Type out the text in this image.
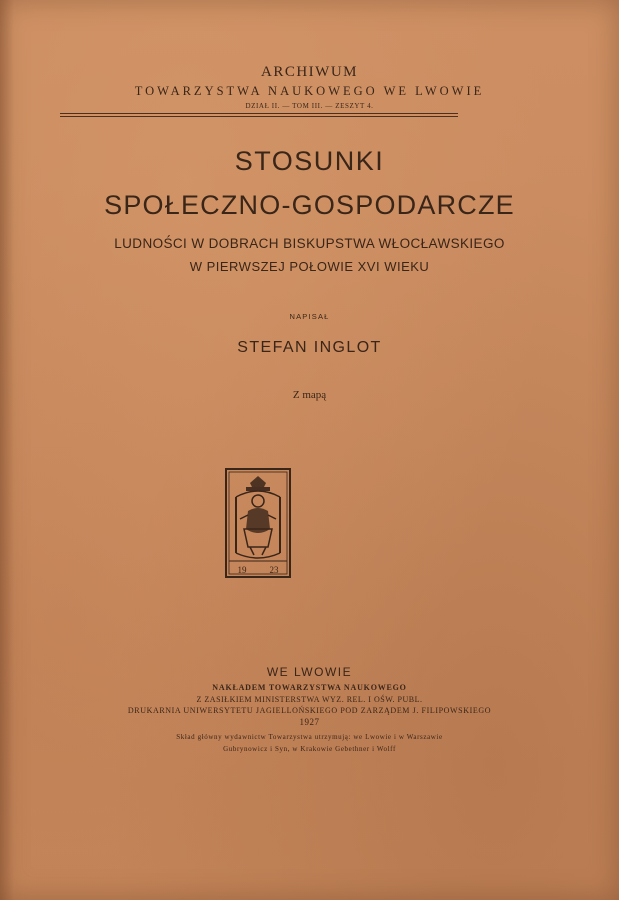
ARCHIWUM
TOWARZYSTWA NAUKOWEGO WE LWOWIE
DZIAŁ II. — TOM III. — ZESZYT 4.
STOSUNKI
SPOŁECZNO-GOSPODARCZE
LUDNOŚCI W DOBRACH BISKUPSTWA WŁOCŁAWSKIEGO
W PIERWSZEJ POŁOWIE XVI WIEKU
NAPISAŁ
STEFAN INGLOT
Z mapą
19	23
WE LWOWIE
NAKŁADEM TOWARZYSTWA NAUKOWEGO
Z ZASIŁKIEM MINISTERSTWA WYZ. REL. I OŚW. PUBL.
DRUKARNIA UNIWERSYTETU JAGIELLOŃSKIEGO POD ZARZĄDEM J. FILIPOWSKIEGO
1927
Skład główny wydawnictw Towarzystwa utrzymują: we Lwowie i w Warszawie
Gubrynowicz i Syn, w Krakowie Gebethner i Wolff
